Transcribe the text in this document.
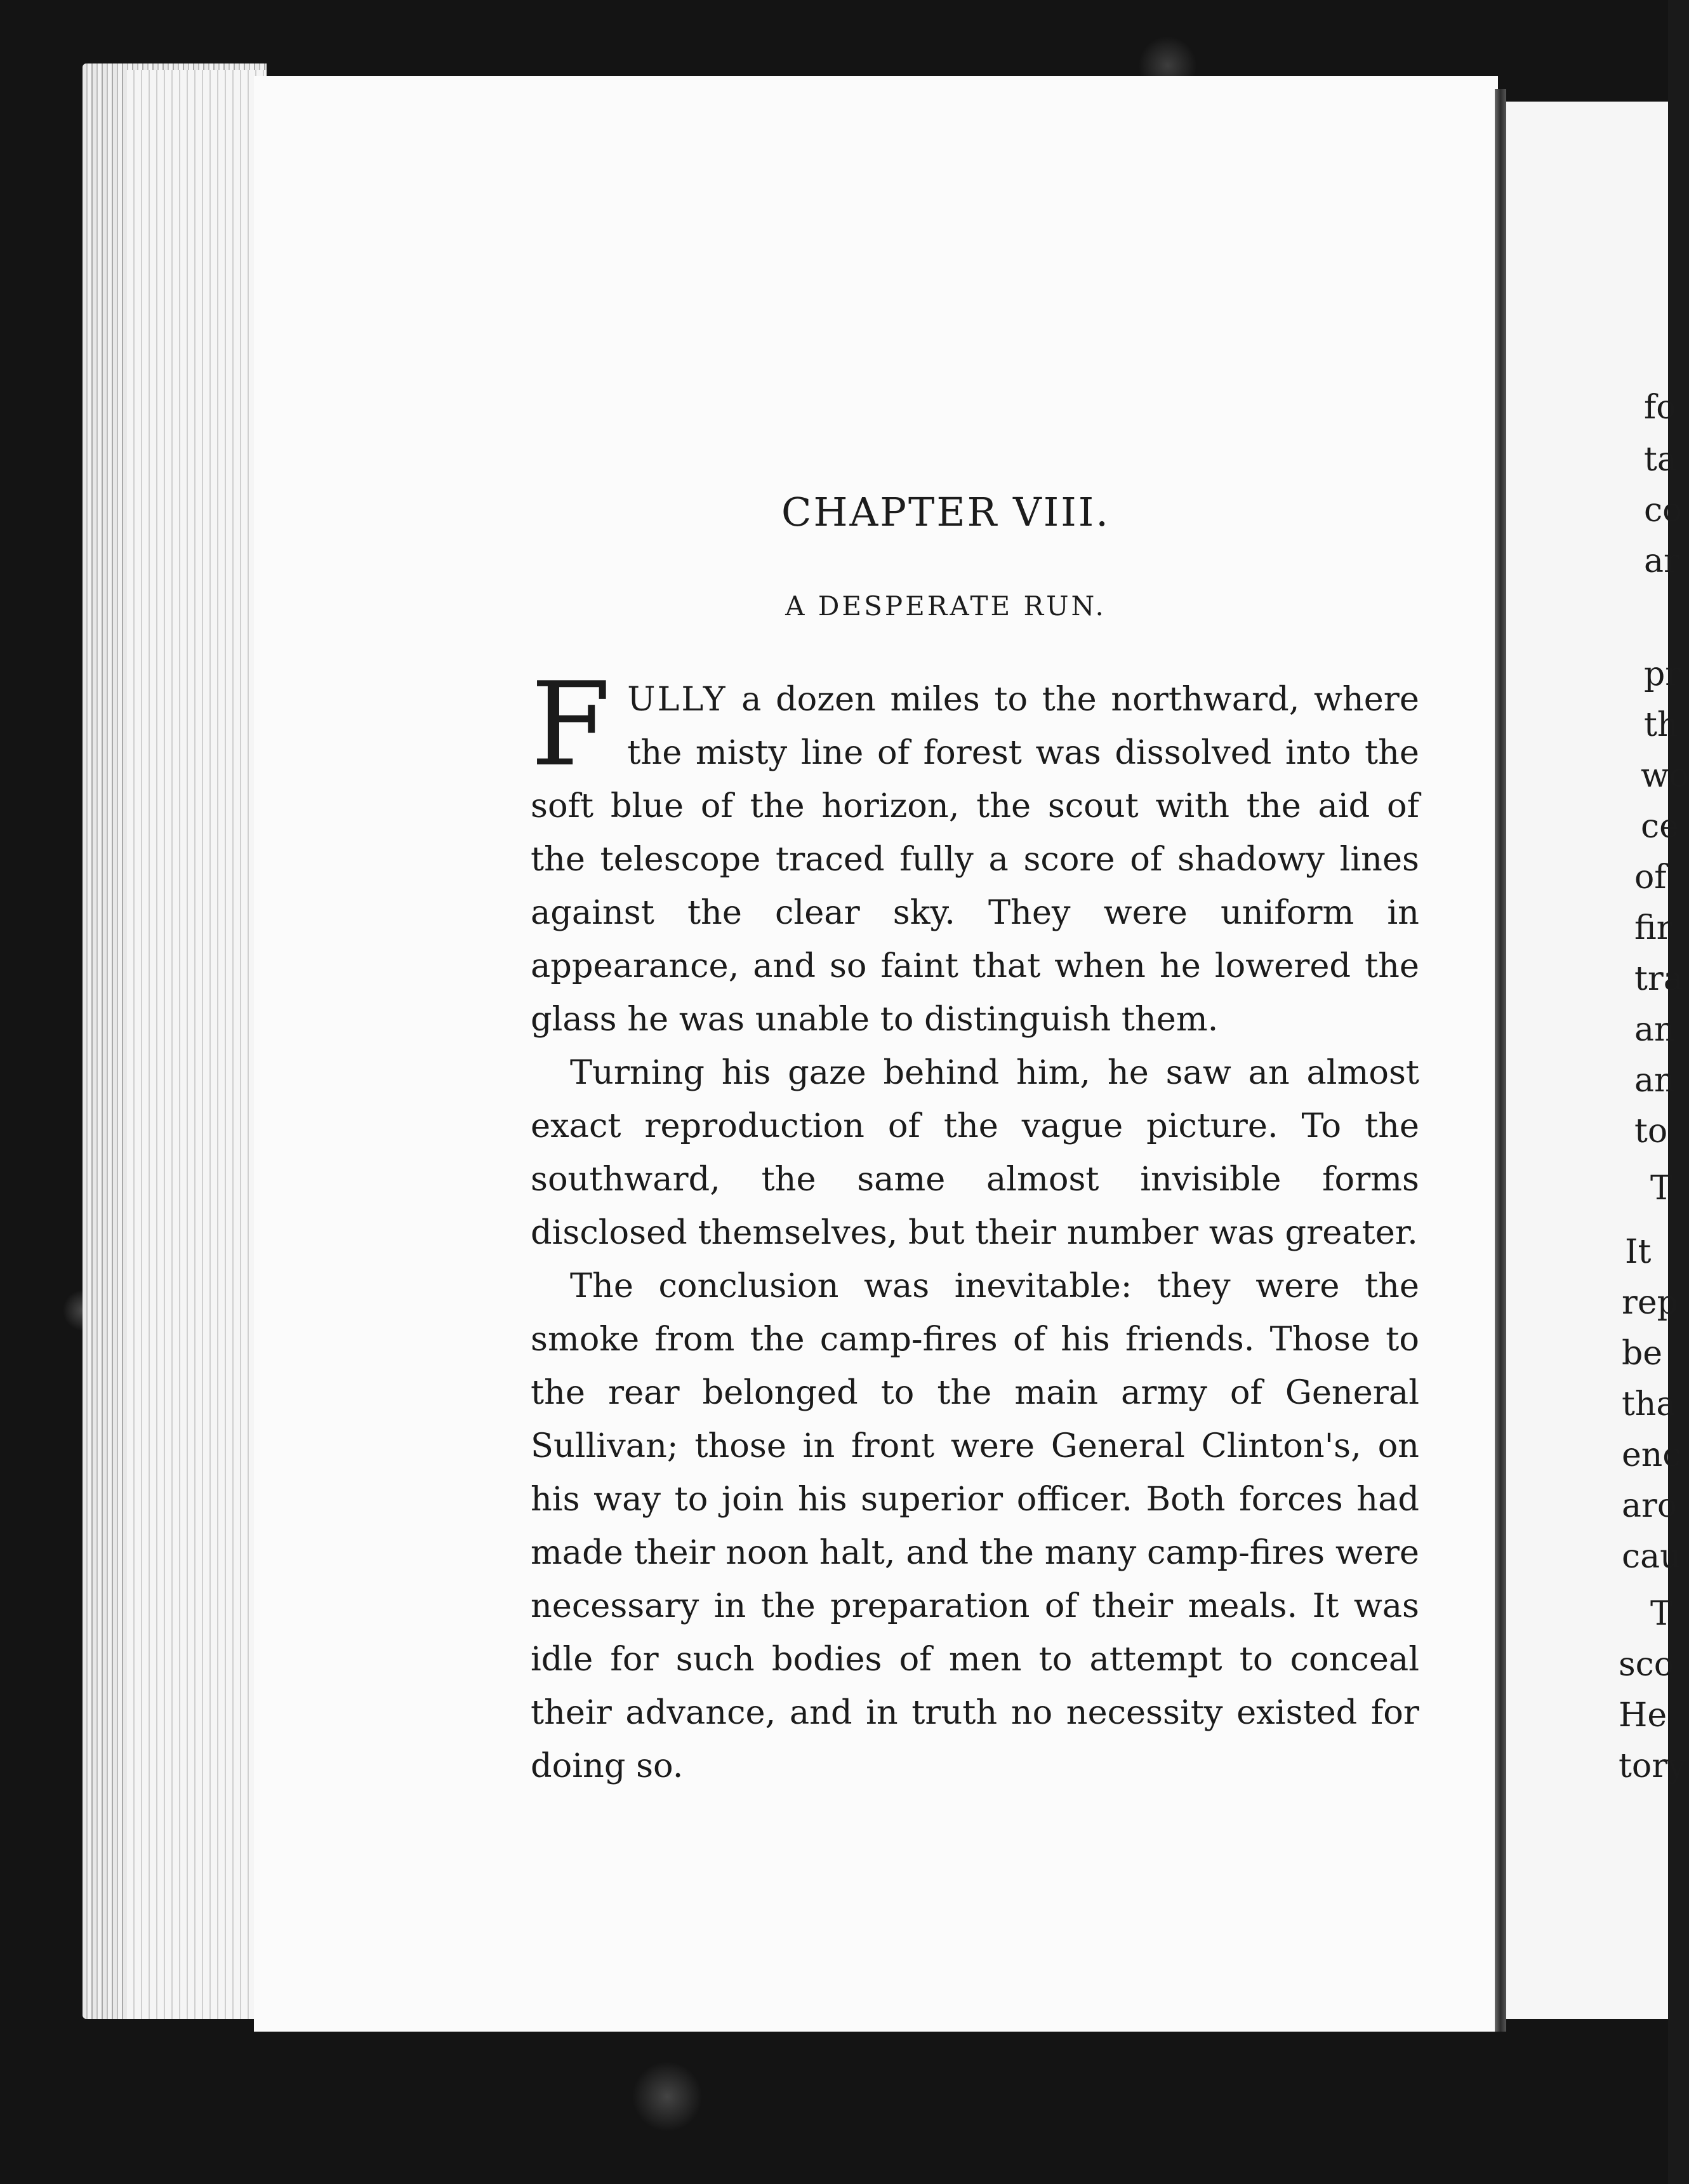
CHAPTER VIII.
A DESPERATE RUN.

FULLY a dozen miles to the northward, where the misty line of forest was dissolved into the soft blue of the horizon, the scout with the aid of the telescope traced fully a score of shadowy lines against the clear sky. They were uniform in appearance, and so faint that when he lowered the glass he was unable to distinguish them.

Turning his gaze behind him, he saw an almost exact reproduction of the vague picture. To the southward, the same almost invisible forms disclosed themselves, but their number was greater.

The conclusion was inevitable: they were the smoke from the camp-fires of his friends. Those to the rear belonged to the main army of General Sullivan; those in front were General Clinton's, on his way to join his superior officer. Both forces had made their noon halt, and the many camp-fires were necessary in the preparation of their meals. It was idle for such bodies of men to attempt to conceal their advance, and in truth no necessity existed for doing so.

fo
ta
co
ar
pr
th
wo
ce
of
fir
tra
an
an
to
T
It
rep
be
tha
enc
aro
cau
T
sco
He
tory
